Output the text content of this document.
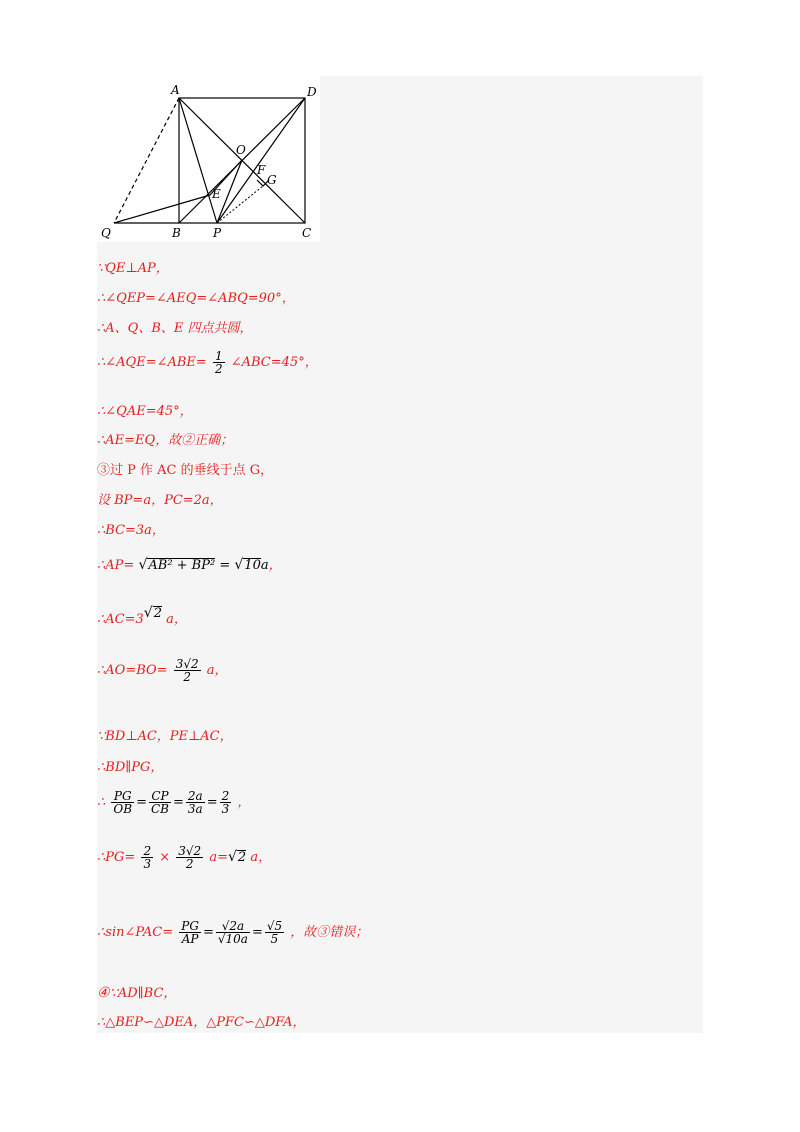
A	D
O
F
G
E
Q	B	P	C
∵QE⊥AP，
∴∠QEP=∠AEQ=∠ABQ=90°，
∴A、Q、B、E 四点共圆，
∴∠AQE=∠ABE= $\frac{1}{2}$ ∠ABC=45°，
∴∠QAE=45°，
∴AE=EQ，故②正确；
③过 P 作 AC 的垂线于点 G，
设 BP=a，PC=2a，
∴BC=3a，
∴AP= √AB² + BP² = √10a，
∴AC=3√2 a，
∴AO=BO= $\frac{3√2}{2}$ a，
∵BD⊥AC，PE⊥AC，
∴BD∥PG，
∴ $\frac{PG}{OB} = \frac{CP}{CB} = \frac{2a}{3a} = \frac{2}{3}$ ，
∴PG= $\frac{2}{3} \times \frac{3√2}{2} a=√2$ a，
∴sin∠PAC= $\frac{PG}{AP} = \frac{√2a}{√10a} = \frac{√5}{5}$ ，故③错误；
④∵AD∥BC，
∴△BEP∽△DEA，△PFC∽△DFA，
